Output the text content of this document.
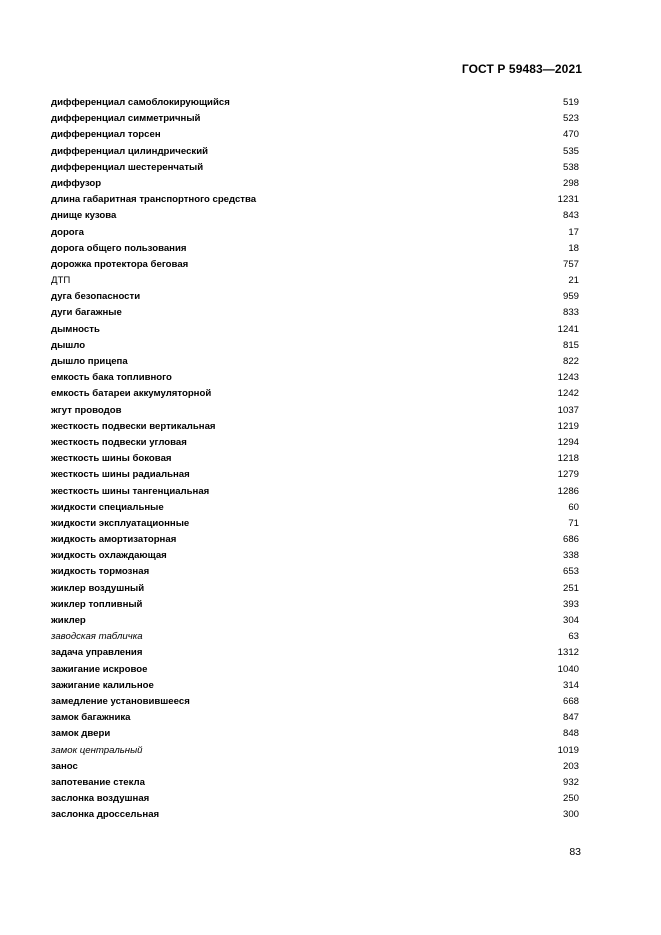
ГОСТ Р 59483—2021
дифференциал самоблокирующийся	519
дифференциал симметричный	523
дифференциал торсен	470
дифференциал цилиндрический	535
дифференциал шестеренчатый	538
диффузор	298
длина габаритная транспортного средства	1231
днище кузова	843
дорога	17
дорога общего пользования	18
дорожка протектора беговая	757
ДТП	21
дуга безопасности	959
дуги багажные	833
дымность	1241
дышло	815
дышло прицепа	822
емкость бака топливного	1243
емкость батареи аккумуляторной	1242
жгут проводов	1037
жесткость подвески вертикальная	1219
жесткость подвески угловая	1294
жесткость шины боковая	1218
жесткость шины радиальная	1279
жесткость шины тангенциальная	1286
жидкости специальные	60
жидкости эксплуатационные	71
жидкость амортизаторная	686
жидкость охлаждающая	338
жидкость тормозная	653
жиклер воздушный	251
жиклер топливный	393
жиклер	304
заводская табличка	63
задача управления	1312
зажигание искровое	1040
зажигание калильное	314
замедление установившееся	668
замок багажника	847
замок двери	848
замок центральный	1019
занос	203
запотевание стекла	932
заслонка воздушная	250
заслонка дроссельная	300
83
